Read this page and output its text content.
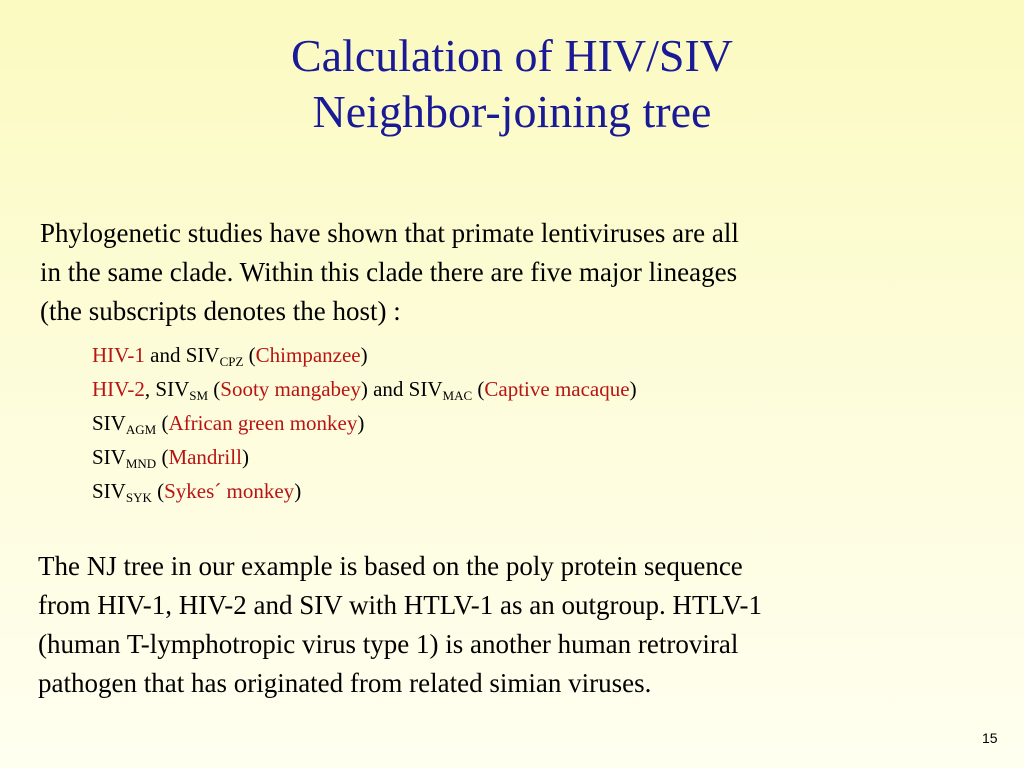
Calculation of HIV/SIV
Neighbor-joining tree
Phylogenetic studies have shown that primate lentiviruses are all
in the same clade. Within this clade there are five major lineages
(the subscripts denotes the host) :
HIV-1 and $SIV_{CPZ}$ (Chimpanzee)
HIV-2, $SIV_{SM}$ (Sooty mangabey) and $SIV_{MAC}$ (Captive macaque)
$SIV_{AGM}$ (African green monkey)
$SIV_{MND}$ (Mandrill)
$SIV_{SYK}$ (Sykes´ monkey)
The NJ tree in our example is based on the poly protein sequence
from HIV-1, HIV-2 and SIV with HTLV-1 as an outgroup. HTLV-1
(human T-lymphotropic virus type 1) is another human retroviral
pathogen that has originated from related simian viruses.
15
